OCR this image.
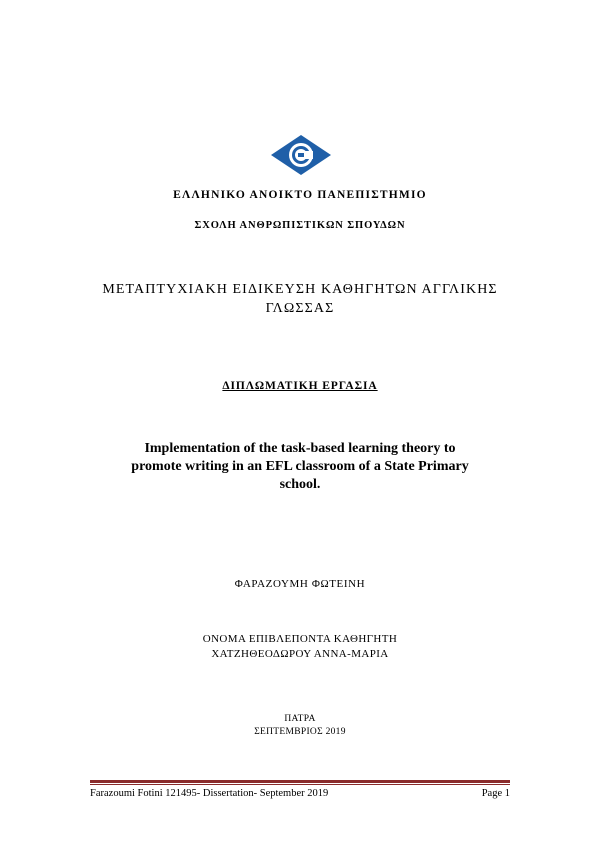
ΕΛΛΗΝΙΚΟ ΑΝΟΙΚΤΟ ΠΑΝΕΠΙΣΤΗΜΙΟ
ΣΧΟΛΗ ΑΝΘΡΩΠΙΣΤΙΚΩΝ ΣΠΟΥΔΩΝ
ΜΕΤΑΠΤΥΧΙΑΚΗ ΕΙΔΙΚΕΥΣΗ ΚΑΘΗΓΗΤΩΝ ΑΓΓΛΙΚΗΣ
ΓΛΩΣΣΑΣ
ΔΙΠΛΩΜΑΤΙΚΗ ΕΡΓΑΣΙΑ
Implementation of the task-based learning theory to
promote writing in an EFL classroom of a State Primary
school.
ΦΑΡΑΖΟΥΜΗ ΦΩΤΕΙΝΗ
ΟΝΟΜΑ ΕΠΙΒΛΕΠΟΝΤΑ ΚΑΘΗΓΗΤΗ
ΧΑΤΖΗΘΕΟΔΩΡΟΥ ΑΝΝΑ-ΜΑΡΙΑ
ΠΑΤΡΑ
ΣΕΠΤΕΜΒΡΙΟΣ 2019
Farazoumi Fotini 121495- Dissertation- September 2019	Page 1
